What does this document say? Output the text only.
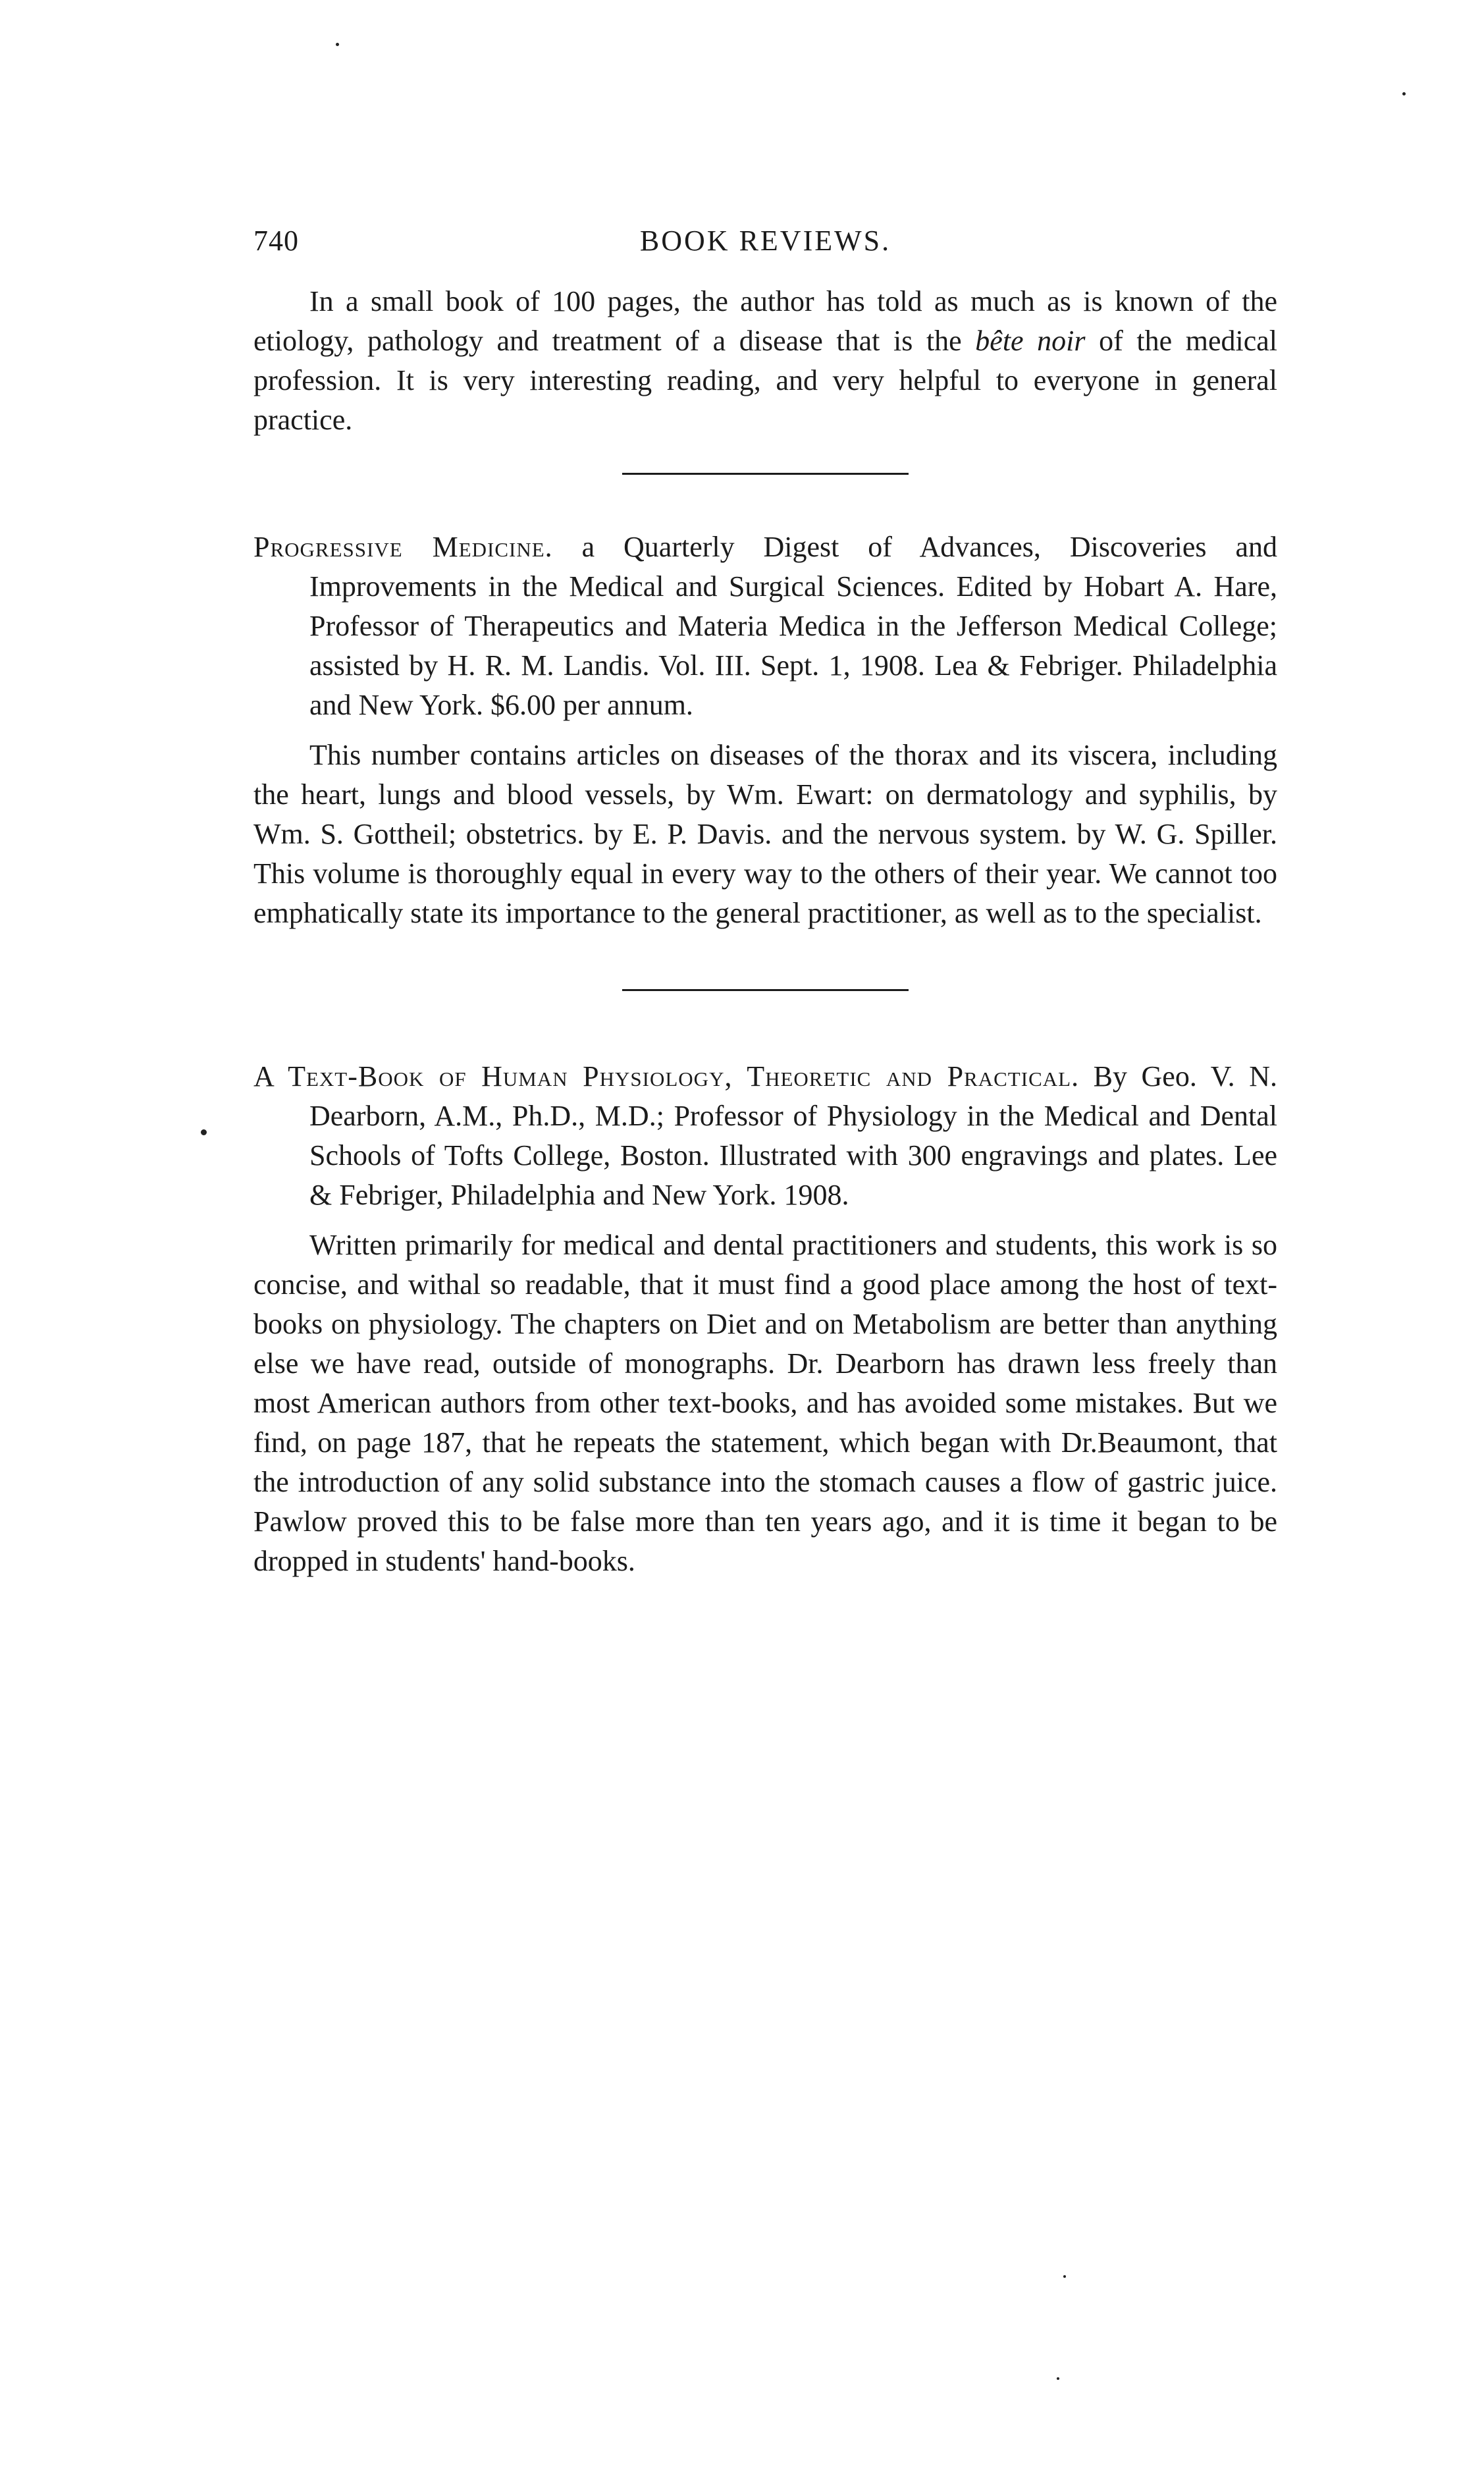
740	BOOK REVIEWS.

In a small book of 100 pages, the author has told as much as is known of the etiology, pathology and treatment of a disease that is the bête noir of the medical profession. It is very interesting reading, and very helpful to everyone in general practice.

Progressive Medicine. a Quarterly Digest of Advances, Discoveries and Improvements in the Medical and Surgical Sciences. Edited by Hobart A. Hare, Professor of Therapeutics and Materia Medica in the Jefferson Medical College; assisted by H. R. M. Landis. Vol. III. Sept. 1, 1908. Lea & Febriger. Philadelphia and New York. $6.00 per annum.

This number contains articles on diseases of the thorax and its viscera, including the heart, lungs and blood vessels, by Wm. Ewart: on dermatology and syphilis, by Wm. S. Gottheil; obstetrics. by E. P. Davis. and the nervous system. by W. G. Spiller. This volume is thoroughly equal in every way to the others of their year. We cannot too emphatically state its importance to the general practitioner, as well as to the specialist.

A Text-Book of Human Physiology, Theoretic and Practical. By Geo. V. N. Dearborn, A.M., Ph.D., M.D.; Professor of Physiology in the Medical and Dental Schools of Tofts College, Boston. Illustrated with 300 engravings and plates. Lee & Febriger, Philadelphia and New York. 1908.

Written primarily for medical and dental practitioners and students, this work is so concise, and withal so readable, that it must find a good place among the host of text-books on physiology. The chapters on Diet and on Metabolism are better than anything else we have read, outside of monographs. Dr. Dearborn has drawn less freely than most American authors from other text-books, and has avoided some mistakes. But we find, on page 187, that he repeats the statement, which began with Dr.Beaumont, that the introduction of any solid substance into the stomach causes a flow of gastric juice. Pawlow proved this to be false more than ten years ago, and it is time it began to be dropped in students' hand-books.
